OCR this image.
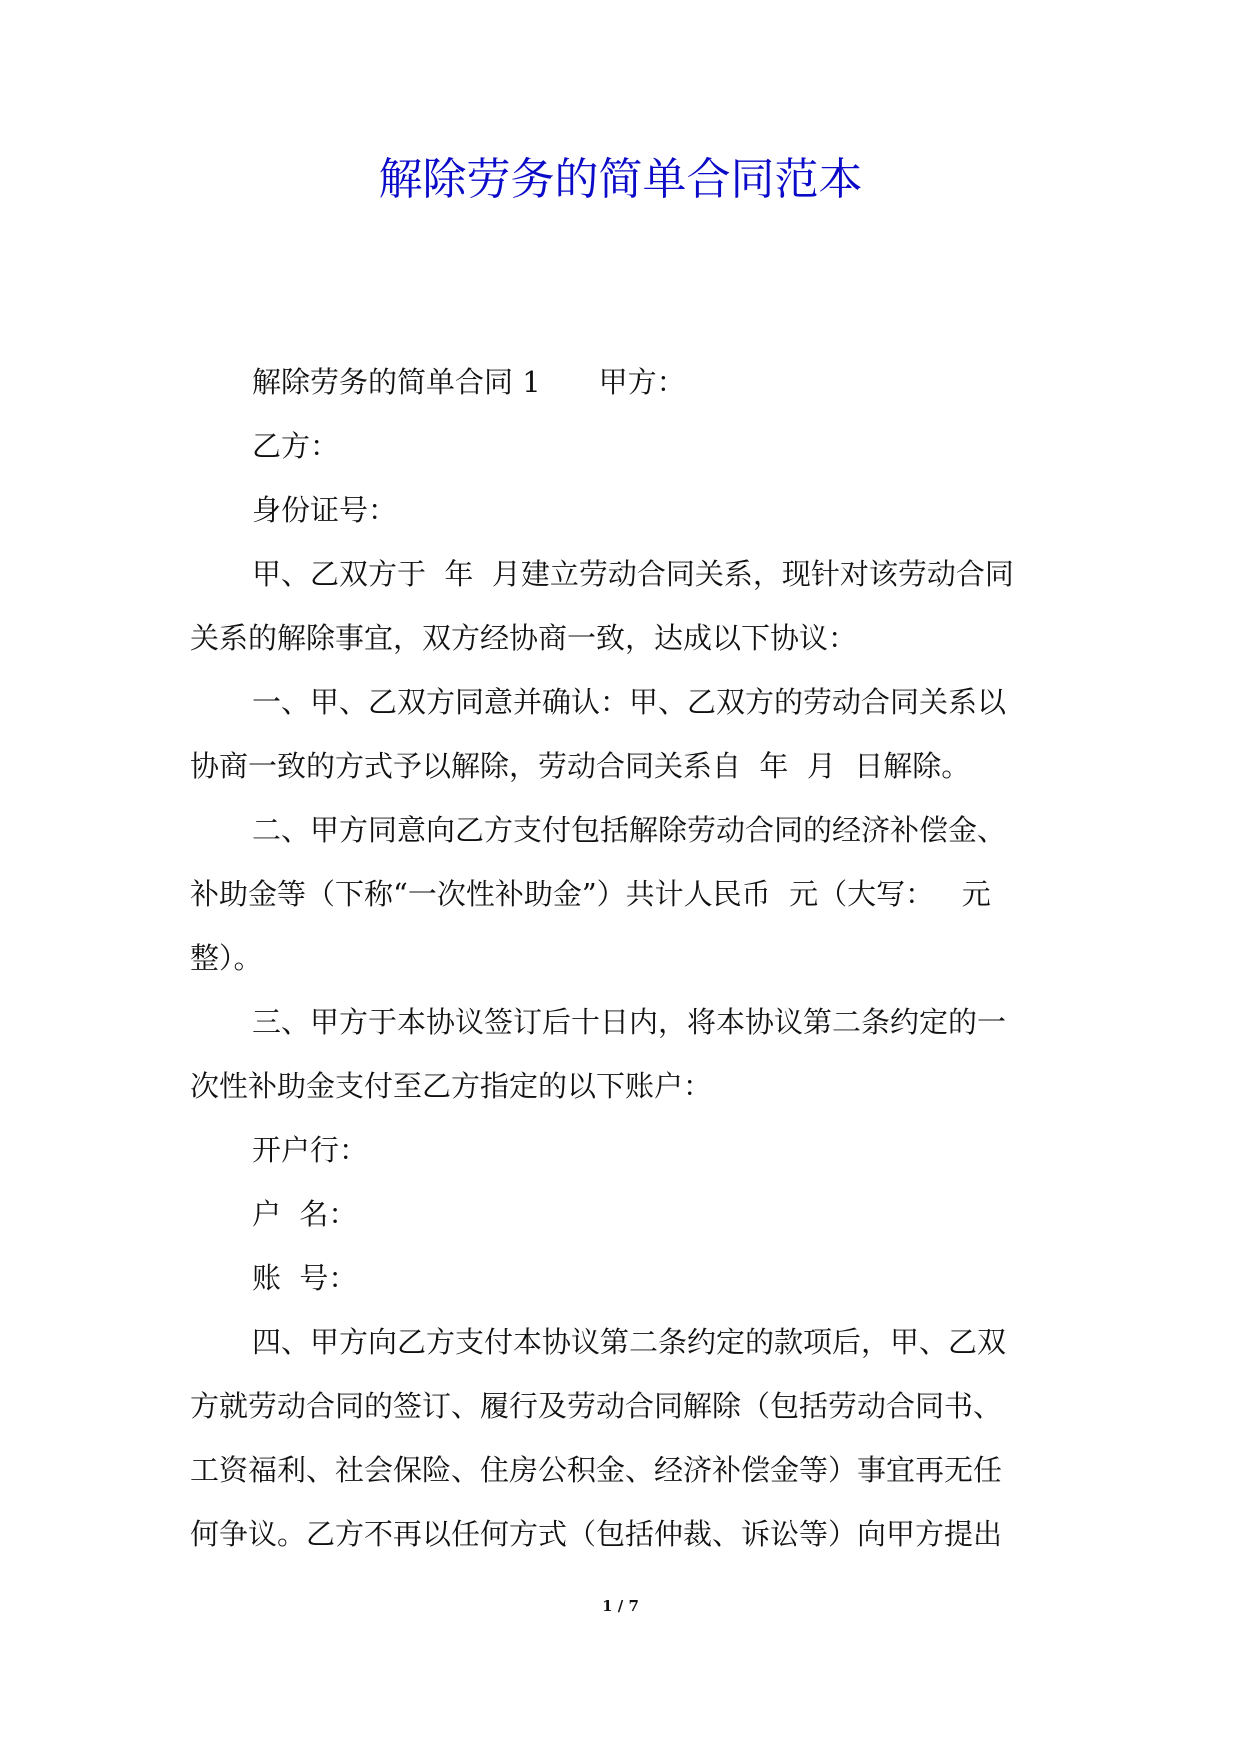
解除劳务的简单合同范本
解除劳务的简单合同 1　　甲方：
乙方：
身份证号：
甲、乙双方于  年  月建立劳动合同关系，现针对该劳动合同
关系的解除事宜，双方经协商一致，达成以下协议：
一、甲、乙双方同意并确认：甲、乙双方的劳动合同关系以
协商一致的方式予以解除，劳动合同关系自  年  月  日解除。
二、甲方同意向乙方支付包括解除劳动合同的经济补偿金、
补助金等（下称“一次性补助金”）共计人民币  元（大写：   元
整）。
三、甲方于本协议签订后十日内，将本协议第二条约定的一
次性补助金支付至乙方指定的以下账户：
开户行：
户  名：
账  号：
四、甲方向乙方支付本协议第二条约定的款项后，甲、乙双
方就劳动合同的签订、履行及劳动合同解除（包括劳动合同书、
工资福利、社会保险、住房公积金、经济补偿金等）事宜再无任
何争议。乙方不再以任何方式（包括仲裁、诉讼等）向甲方提出
1 / 7
